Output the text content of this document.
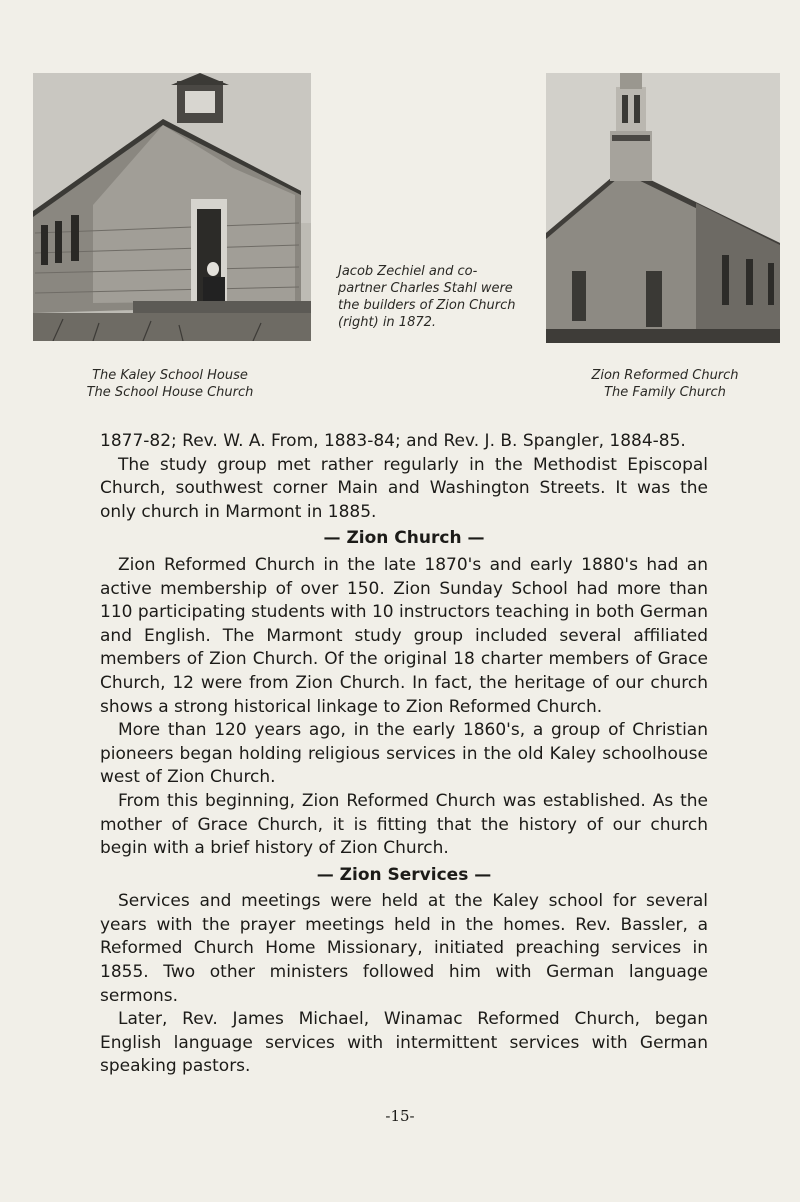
Jacob Zechiel and co-
partner Charles Stahl were
the builders of Zion Church
(right) in 1872.
The Kaley School House
The School House Church
Zion Reformed Church
The Family Church

1877-82; Rev. W. A. From, 1883-84; and Rev. J. B. Spangler, 1884-85.

The study group met rather regularly in the Methodist Episcopal Church, southwest corner Main and Washington Streets. It was the only church in Marmont in 1885.

— Zion Church —

Zion Reformed Church in the late 1870's and early 1880's had an active membership of over 150. Zion Sunday School had more than 110 participating students with 10 instructors teaching in both German and English. The Marmont study group included several affiliated members of Zion Church. Of the original 18 charter members of Grace Church, 12 were from Zion Church. In fact, the heritage of our church shows a strong historical linkage to Zion Reformed Church.

More than 120 years ago, in the early 1860's, a group of Christian pioneers began holding religious services in the old Kaley schoolhouse west of Zion Church.

From this beginning, Zion Reformed Church was established. As the mother of Grace Church, it is fitting that the history of our church begin with a brief history of Zion Church.

— Zion Services —

Services and meetings were held at the Kaley school for several years with the prayer meetings held in the homes. Rev. Bassler, a Reformed Church Home Missionary, initiated preaching services in 1855. Two other ministers followed him with German language sermons.

Later, Rev. James Michael, Winamac Reformed Church, began English language services with intermittent services with German speaking pastors.

-15-
